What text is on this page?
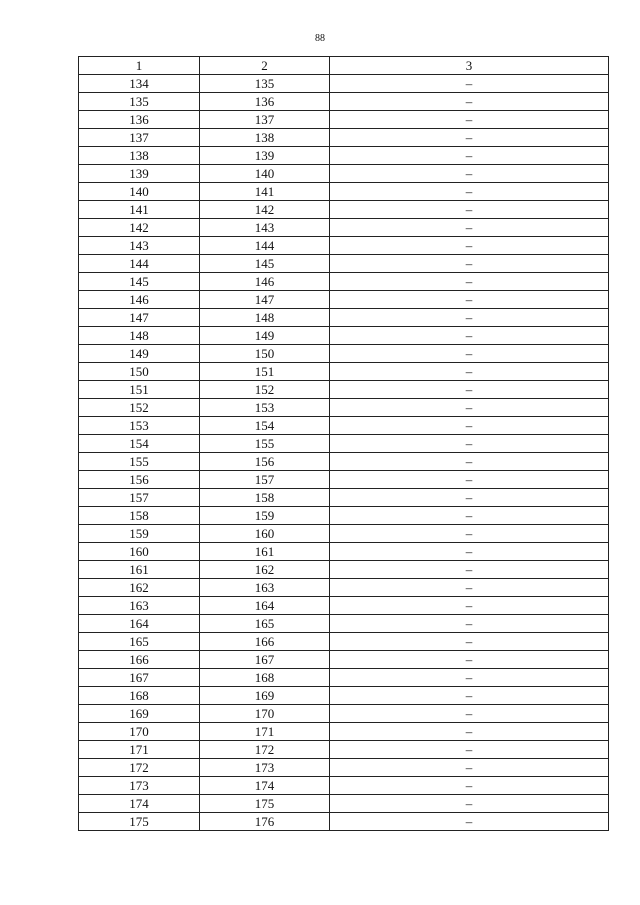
88
1	2	3
134	135	–
135	136	–
136	137	–
137	138	–
138	139	–
139	140	–
140	141	–
141	142	–
142	143	–
143	144	–
144	145	–
145	146	–
146	147	–
147	148	–
148	149	–
149	150	–
150	151	–
151	152	–
152	153	–
153	154	–
154	155	–
155	156	–
156	157	–
157	158	–
158	159	–
159	160	–
160	161	–
161	162	–
162	163	–
163	164	–
164	165	–
165	166	–
166	167	–
167	168	–
168	169	–
169	170	–
170	171	–
171	172	–
172	173	–
173	174	–
174	175	–
175	176	–
